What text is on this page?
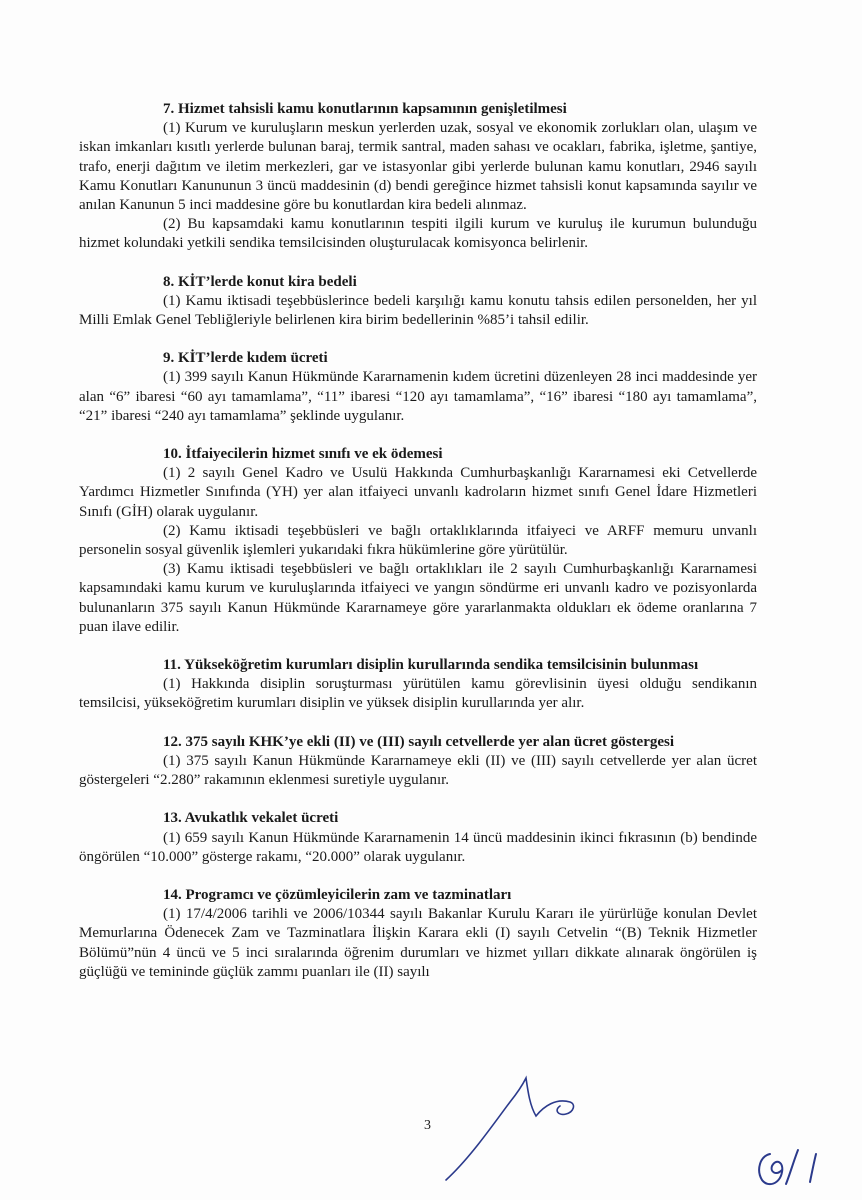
7. Hizmet tahsisli kamu konutlarının kapsamının genişletilmesi

(1) Kurum ve kuruluşların meskun yerlerden uzak, sosyal ve ekonomik zorlukları olan, ulaşım ve iskan imkanları kısıtlı yerlerde bulunan baraj, termik santral, maden sahası ve ocakları, fabrika, işletme, şantiye, trafo, enerji dağıtım ve iletim merkezleri, gar ve istasyonlar gibi yerlerde bulunan kamu konutları, 2946 sayılı Kamu Konutları Kanununun 3 üncü maddesinin (d) bendi gereğince hizmet tahsisli konut kapsamında sayılır ve anılan Kanunun 5 inci maddesine göre bu konutlardan kira bedeli alınmaz.

(2) Bu kapsamdaki kamu konutlarının tespiti ilgili kurum ve kuruluş ile kurumun bulunduğu hizmet kolundaki yetkili sendika temsilcisinden oluşturulacak komisyonca belirlenir.

8. KİT’lerde konut kira bedeli

(1) Kamu iktisadi teşebbüslerince bedeli karşılığı kamu konutu tahsis edilen personelden, her yıl Milli Emlak Genel Tebliğleriyle belirlenen kira birim bedellerinin %85’i tahsil edilir.

9. KİT’lerde kıdem ücreti

(1) 399 sayılı Kanun Hükmünde Kararnamenin kıdem ücretini düzenleyen 28 inci maddesinde yer alan “6” ibaresi “60 ayı tamamlama”, “11” ibaresi “120 ayı tamamlama”, “16” ibaresi “180 ayı tamamlama”, “21” ibaresi “240 ayı tamamlama” şeklinde uygulanır.

10. İtfaiyecilerin hizmet sınıfı ve ek ödemesi

(1) 2 sayılı Genel Kadro ve Usulü Hakkında Cumhurbaşkanlığı Kararnamesi eki Cetvellerde Yardımcı Hizmetler Sınıfında (YH) yer alan itfaiyeci unvanlı kadroların hizmet sınıfı Genel İdare Hizmetleri Sınıfı (GİH) olarak uygulanır.

(2) Kamu iktisadi teşebbüsleri ve bağlı ortaklıklarında itfaiyeci ve ARFF memuru unvanlı personelin sosyal güvenlik işlemleri yukarıdaki fıkra hükümlerine göre yürütülür.

(3) Kamu iktisadi teşebbüsleri ve bağlı ortaklıkları ile 2 sayılı Cumhurbaşkanlığı Kararnamesi kapsamındaki kamu kurum ve kuruluşlarında itfaiyeci ve yangın söndürme eri unvanlı kadro ve pozisyonlarda bulunanların 375 sayılı Kanun Hükmünde Kararnameye göre yararlanmakta oldukları ek ödeme oranlarına 7 puan ilave edilir.

11. Yükseköğretim kurumları disiplin kurullarında sendika temsilcisinin bulunması

(1) Hakkında disiplin soruşturması yürütülen kamu görevlisinin üyesi olduğu sendikanın temsilcisi, yükseköğretim kurumları disiplin ve yüksek disiplin kurullarında yer alır.

12. 375 sayılı KHK’ye ekli (II) ve (III) sayılı cetvellerde yer alan ücret göstergesi

(1) 375 sayılı Kanun Hükmünde Kararnameye ekli (II) ve (III) sayılı cetvellerde yer alan ücret göstergeleri “2.280” rakamının eklenmesi suretiyle uygulanır.

13. Avukatlık vekalet ücreti

(1) 659 sayılı Kanun Hükmünde Kararnamenin 14 üncü maddesinin ikinci fıkrasının (b) bendinde öngörülen “10.000” gösterge rakamı, “20.000” olarak uygulanır.

14. Programcı ve çözümleyicilerin zam ve tazminatları

(1) 17/4/2006 tarihli ve 2006/10344 sayılı Bakanlar Kurulu Kararı ile yürürlüğe konulan Devlet Memurlarına Ödenecek Zam ve Tazminatlara İlişkin Karara ekli (I) sayılı Cetvelin “(B) Teknik Hizmetler Bölümü”nün 4 üncü ve 5 inci sıralarında öğrenim durumları ve hizmet yılları dikkate alınarak öngörülen iş güçlüğü ve temininde güçlük zammı puanları ile (II) sayılı

3
